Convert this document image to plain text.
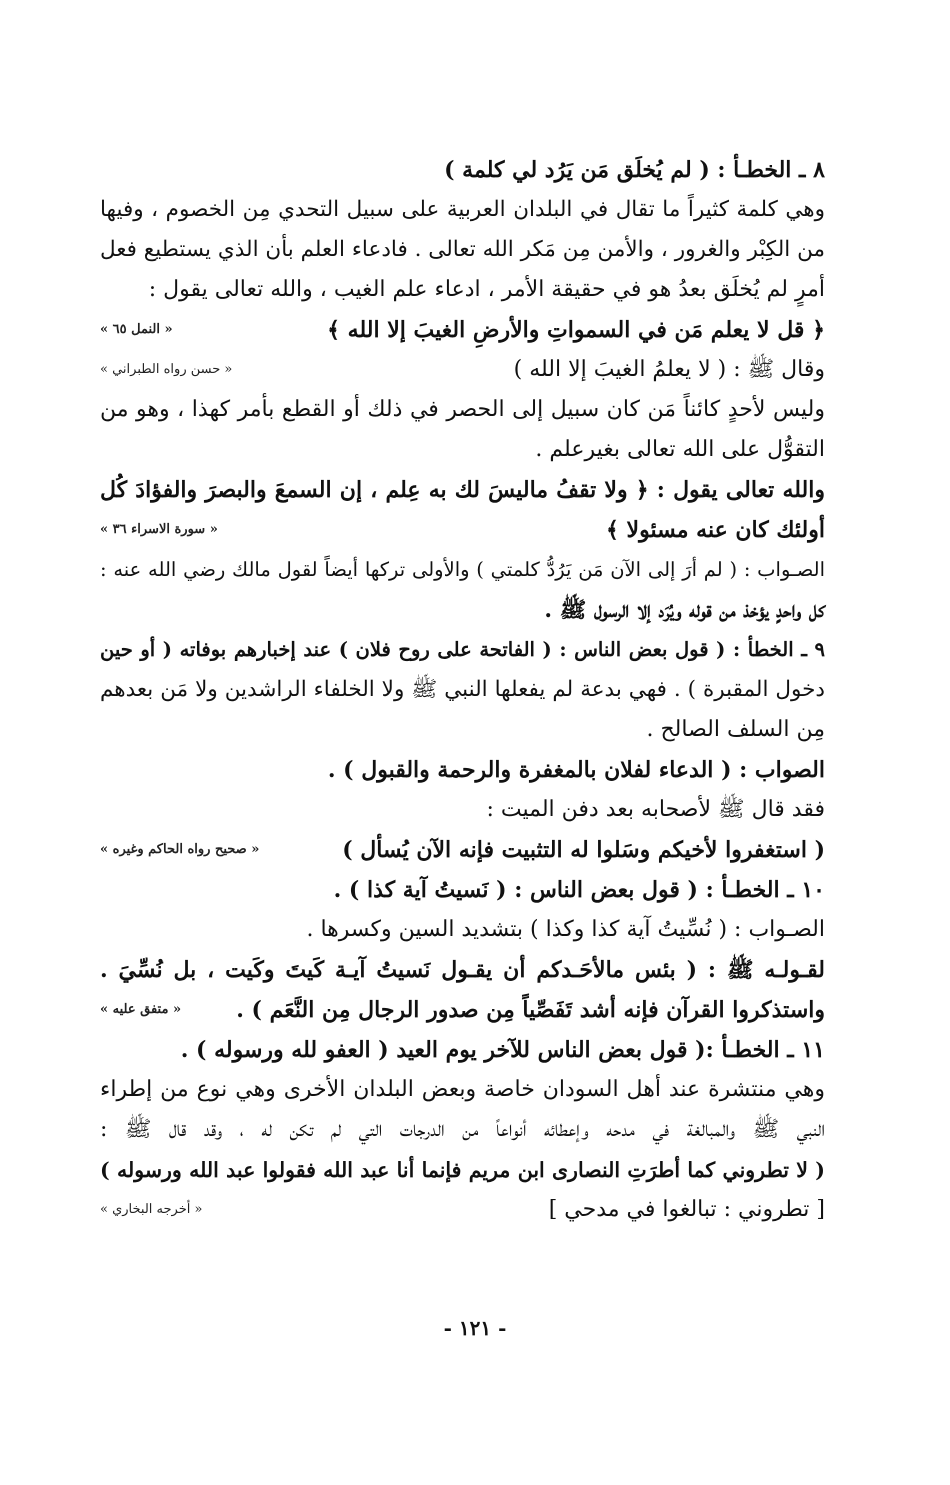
٨ ـ الخطـأ : ( لم يُخلَق مَن يَرُد لي كلمة )
وهي كلمة كثيراً ما تقال في البلدان العربية على سبيل التحدي مِن الخصوم ، وفيها
من الكِبْر والغرور ، والأمن مِن مَكر الله تعالى . فادعاء العلم بأن الذي يستطيع فعل
أمرٍ لم يُخلَق بعدُ هو في حقيقة الأمر ، ادعاء علم الغيب ، والله تعالى يقول :
﴿ قل لا يعلم مَن في السمواتِ والأرضِ الغيبَ إلا الله ﴾
« النمل ٦٥ »
وقال ﷺ : ( لا يعلمُ الغيبَ إلا الله )
« حسن رواه الطبراني »
وليس لأحدٍ كائناً مَن كان سبيل إلى الحصر في ذلك أو القطع بأمر كهذا ، وهو من
التقوُّل على الله تعالى بغيرعلم .
والله تعالى يقول : ﴿ ولا تقفُ ماليسَ لك به عِلم ، إن السمعَ والبصرَ والفؤادَ كُل
أولئك كان عنه مسئولا ﴾
« سورة الاسراء ٣٦ »
الصـواب : ( لم أرَ إلى الآن مَن يَرُدُّ كلمتي ) والأولى تركها أيضاً لقول مالك رضي الله عنه :
كل واحدٍ يؤخذ من قوله ويُرَد إلا الرسول ﷺ .
٩ ـ الخطأ : ( قول بعض الناس : ( الفاتحة على روح فلان ) عند إخبارهم بوفاته ( أو حين
دخول المقبرة ) . فهي بدعة لم يفعلها النبي ﷺ ولا الخلفاء الراشدين ولا مَن بعدهم
مِن السلف الصالح .
الصواب : ( الدعاء لفلان بالمغفرة والرحمة والقبول ) .
فقد قال ﷺ لأصحابه بعد دفن الميت :
( استغفروا لأخيكم وسَلوا له التثبيت فإنه الآن يُسأل )
« صحيح رواه الحاكم وغيره »
١٠ ـ الخطـأ : ( قول بعض الناس : ( نَسيتُ آية كذا ) .
الصـواب : ( نُسِّيتُ آية كذا وكذا ) بتشديد السين وكسرها .
لقـولـه ﷺ : ( بئس مالأحَـدكم أن يقـول نَسيتُ آيـة كَيتَ وكَيت ، بل نُسِّيَ .
واستذكروا القرآن فإنه أشد تَفَصِّياً مِن صدور الرجال مِن النَّعَم ) .
« متفق عليه »
١١ ـ الخطـأ :( قول بعض الناس للآخر يوم العيد ( العفو لله ورسوله ) .
وهي منتشرة عند أهل السودان خاصة وبعض البلدان الأخرى وهي نوع من إطراء
النبي ﷺ والمبالغة في مدحه وإعطائه أنواعاً من الدرجات التي لم تكن له ، وقد قال ﷺ :
( لا تطروني كما أطرَتِ النصارى ابن مريم فإنما أنا عبد الله فقولوا عبد الله ورسوله )
[ تطروني : تبالغوا في مدحي ]
« أخرجه البخاري »
- ١٢١ -
